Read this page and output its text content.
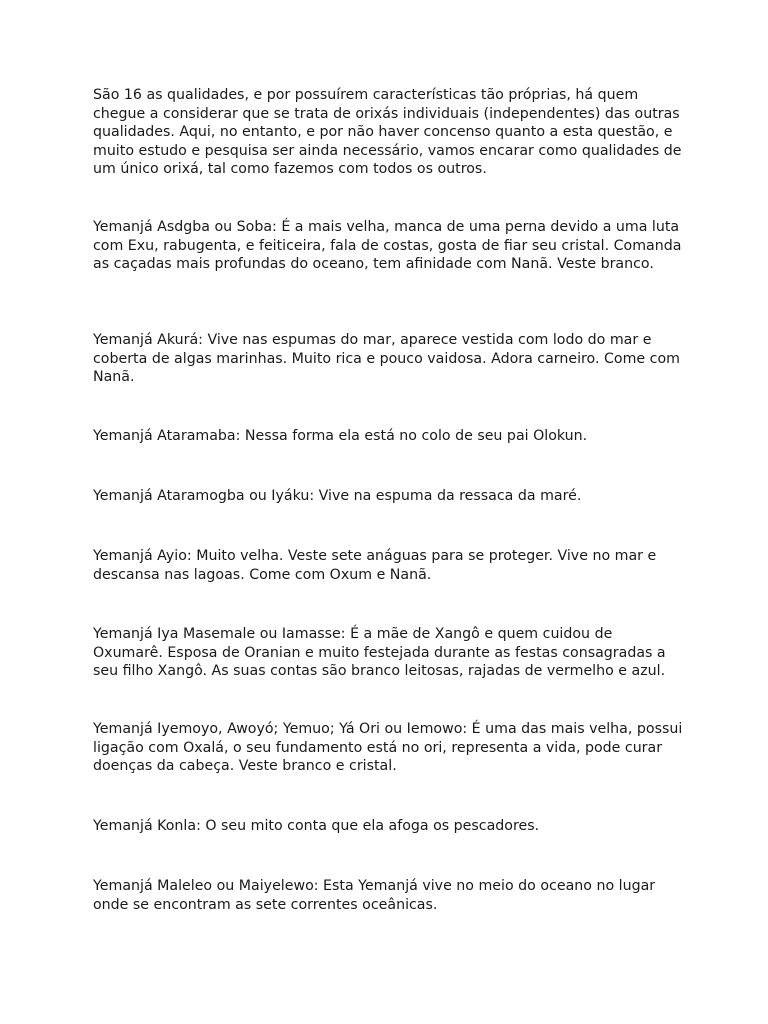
São 16 as qualidades, e por possuírem características tão próprias, há quem chegue a considerar que se trata de orixás individuais (independentes) das outras qualidades. Aqui, no entanto, e por não haver concenso quanto a esta questão, e muito estudo e pesquisa ser ainda necessário, vamos encarar como qualidades de um único orixá, tal como fazemos com todos os outros.

Yemanjá Asdgba ou Soba: É a mais velha, manca de uma perna devido a uma luta com Exu, rabugenta, e feiticeira, fala de costas, gosta de fiar seu cristal. Comanda as caçadas mais profundas do oceano, tem afinidade com Nanã. Veste branco.

Yemanjá Akurá: Vive nas espumas do mar, aparece vestida com lodo do mar e coberta de algas marinhas. Muito rica e pouco vaidosa. Adora carneiro. Come com Nanã.

Yemanjá Ataramaba: Nessa forma ela está no colo de seu pai Olokun.

Yemanjá Ataramogba ou Iyáku: Vive na espuma da ressaca da maré.

Yemanjá Ayio: Muito velha. Veste sete anáguas para se proteger. Vive no mar e descansa nas lagoas. Come com Oxum e Nanã.

Yemanjá Iya Masemale ou Iamasse: É a mãe de Xangô e quem cuidou de Oxumarê. Esposa de Oranian e muito festejada durante as festas consagradas a seu filho Xangô. As suas contas são branco leitosas, rajadas de vermelho e azul.

Yemanjá Iyemoyo, Awoyó; Yemuo; Yá Ori ou Iemowo: É uma das mais velha, possui ligação com Oxalá, o seu fundamento está no ori, representa a vida, pode curar doenças da cabeça. Veste branco e cristal.

Yemanjá Konla: O seu mito conta que ela afoga os pescadores.

Yemanjá Maleleo ou Maiyelewo: Esta Yemanjá vive no meio do oceano no lugar onde se encontram as sete correntes oceânicas.
